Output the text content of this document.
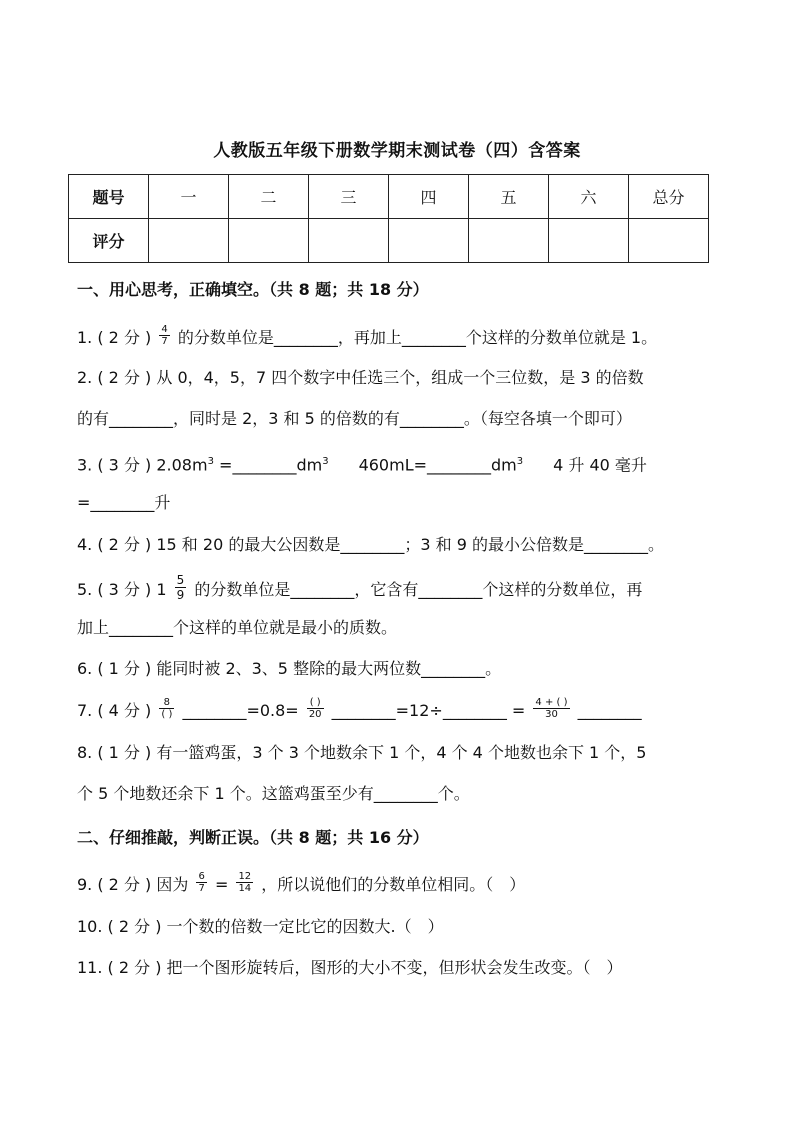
人教版五年级下册数学期末测试卷（四）含答案
题号	一	二	三	四	五	六	总分
评分							
一、用心思考，正确填空。（共 8 题；共 18 分）
1. ( 2 分 ) $\frac{4}{7}$ 的分数单位是________，再加上________个这样的分数单位就是 1。
2. ( 2 分 ) 从 0，4，5，7 四个数字中任选三个，组成一个三位数，是 3 的倍数
的有________，同时是 2，3 和 5 的倍数的有________。（每空各填一个即可）
3. ( 3 分 ) $2.08m^3$ $=\_\_\_\_\_\_\_\_dm^3$ $460mL=\_\_\_\_\_\_\_\_dm^3$ 4 升 40 毫升
=________升
4. ( 2 分 ) 15 和 20 的最大公因数是________；3 和 9 的最小公倍数是________。
5. ( 3 分 ) $1 \frac{5}{9}$ 的分数单位是________，它含有________个这样的分数单位，再
加上________个这样的单位就是最小的质数。
6. ( 1 分 ) 能同时被 2、3、5 整除的最大两位数________。
7. ( 4 分 ) $\frac{8}{( )}$ ________=0.8= $\frac{( )}{20}$ ________=12÷________ = $\frac{4 + ( )}{30}$ ________
8. ( 1 分 ) 有一篮鸡蛋，3 个 3 个地数余下 1 个，4 个 4 个地数也余下 1 个，5
个 5 个地数还余下 1 个。这篮鸡蛋至少有________个。
二、仔细推敲，判断正误。（共 8 题；共 16 分）
9. ( 2 分 ) 因为 $\frac{6}{7} = \frac{12}{14}$ ，所以说他们的分数单位相同。（　）
10. ( 2 分 ) 一个数的倍数一定比它的因数大.（　）
11. ( 2 分 ) 把一个图形旋转后，图形的大小不变，但形状会发生改变。（　）
